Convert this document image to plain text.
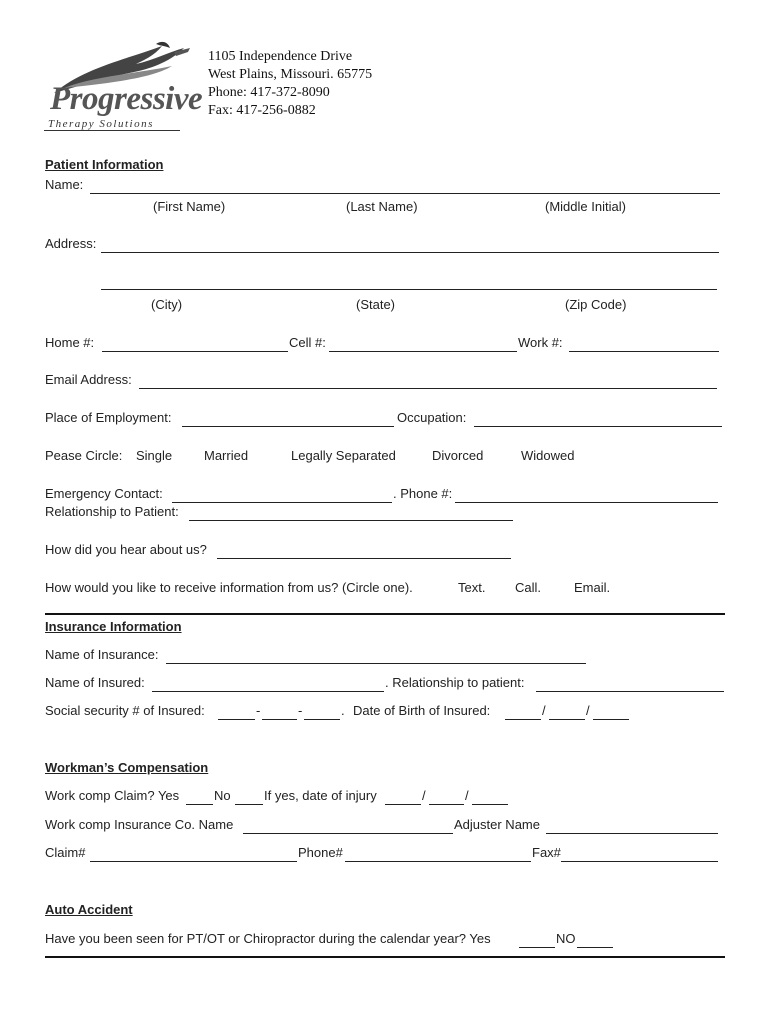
Progressive
Therapy Solutions
1105 Independence Drive
West Plains, Missouri. 65775
Phone: 417-372-8090
Fax: 417-256-0882
Patient Information
Name:
(First Name)	(Last Name)	(Middle Initial)
Address:
(City)	(State)	(Zip Code)
Home #:	Cell #:	Work #:
Email Address:
Place of Employment:	Occupation:
Pease Circle: Single Married	Legally Separated	Divorced	Widowed
Emergency Contact:	. Phone #:
Relationship to Patient:
How did you hear about us?
How would you like to receive information from us? (Circle one).	Text. Call.	Email.
Insurance Information
Name of Insurance:
Name of Insured:	. Relationship to patient:
Social security # of Insured:	-	-	. Date of Birth of Insured:	/	/
Workman’s Compensation
Work comp Claim? Yes	No	If yes, date of injury	/	/
Work comp Insurance Co. Name	Adjuster Name
Claim#	Phone#	Fax#
Auto Accident
Have you been seen for PT/OT or Chiropractor during the calendar year? Yes	NO
